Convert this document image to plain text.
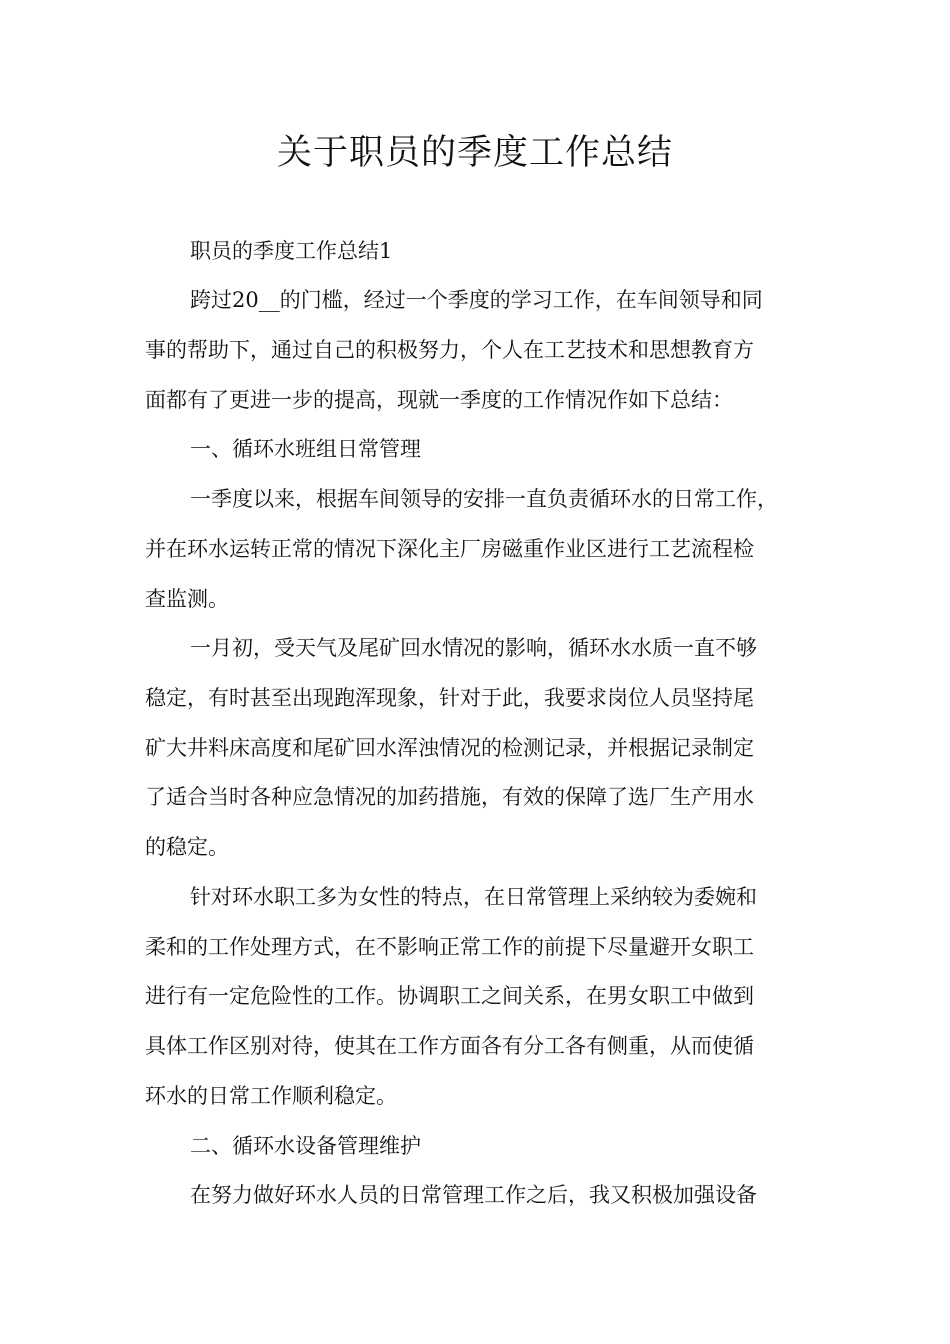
关于职员的季度工作总结

职员的季度工作总结1

跨过20__的门槛，经过一个季度的学习工作，在车间领导和同

事的帮助下，通过自己的积极努力，个人在工艺技术和思想教育方

面都有了更进一步的提高，现就一季度的工作情况作如下总结：

一、循环水班组日常管理

一季度以来，根据车间领导的安排一直负责循环水的日常工作，

并在环水运转正常的情况下深化主厂房磁重作业区进行工艺流程检

查监测。

一月初，受天气及尾矿回水情况的影响，循环水水质一直不够

稳定，有时甚至出现跑浑现象，针对于此，我要求岗位人员坚持尾

矿大井料床高度和尾矿回水浑浊情况的检测记录，并根据记录制定

了适合当时各种应急情况的加药措施，有效的保障了选厂生产用水

的稳定。

针对环水职工多为女性的特点，在日常管理上采纳较为委婉和

柔和的工作处理方式，在不影响正常工作的前提下尽量避开女职工

进行有一定危险性的工作。协调职工之间关系，在男女职工中做到

具体工作区别对待，使其在工作方面各有分工各有侧重，从而使循

环水的日常工作顺利稳定。

二、循环水设备管理维护

在努力做好环水人员的日常管理工作之后，我又积极加强设备
